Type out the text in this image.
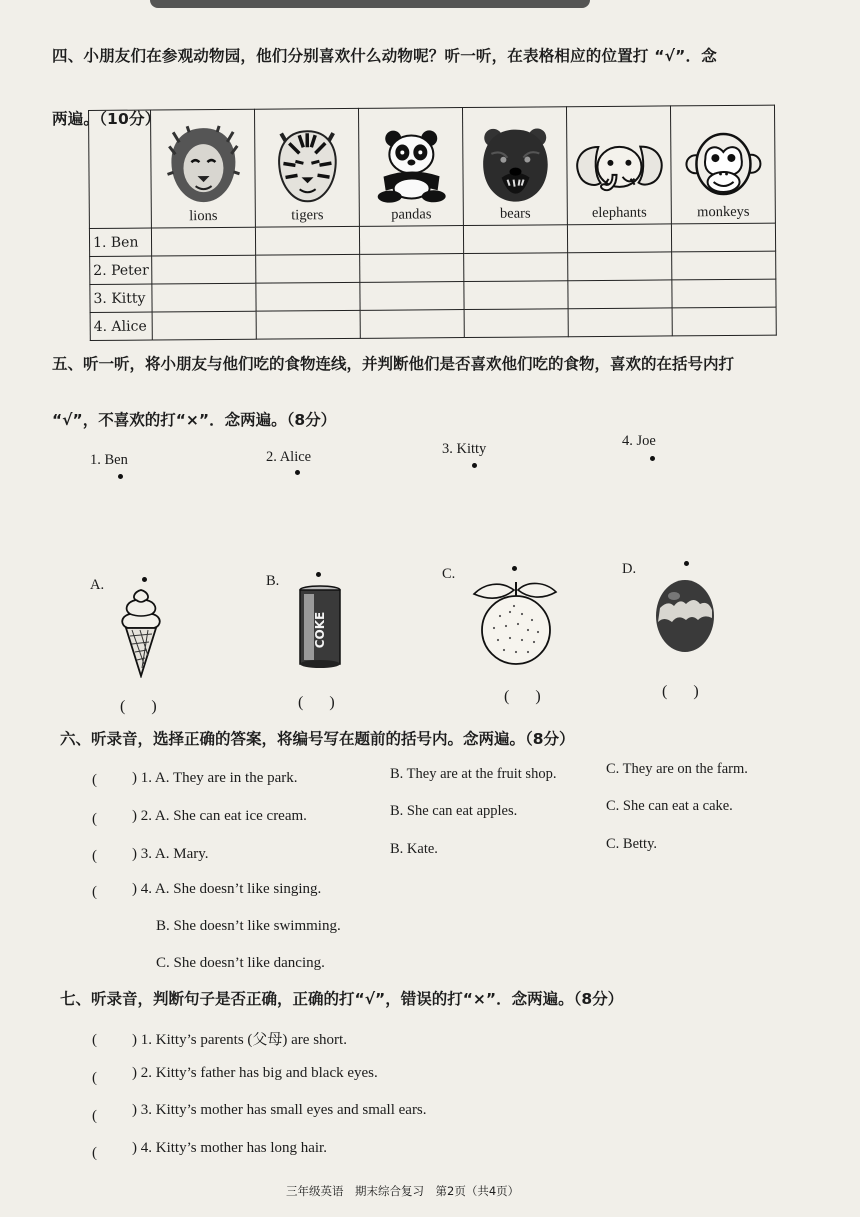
四、小朋友们在参观动物园，他们分别喜欢什么动物呢？听一听，在表格相应的位置打 “√”．念
两遍。（10分）

lions	tigers	pandas	bears	elephants	monkeys
1. Ben						
2. Peter						
3. Kitty						
4. Alice						
五、听一听，将小朋友与他们吃的食物连线，并判断他们是否喜欢他们吃的食物，喜欢的在括号内打
“√”，不喜欢的打“×”．念两遍。（8分）
1. Ben	2. Alice	3. Kitty	4. Joe
A.	B.
COKE
C.	D.
( )	( )	( )	( )
六、听录音，选择正确的答案，将编号写在题前的括号内。念两遍。（8分）
( ) 1. A. They are in the park.	B. They are at the fruit shop.	C. They are on the farm.
( ) 2. A. She can eat ice cream.	B. She can eat apples.	C. She can eat a cake.
( ) 3. A. Mary.	B. Kate.	C. Betty.
( ) 4. A. She doesn’t like singing.
B. She doesn’t like swimming.
C. She doesn’t like dancing.
七、听录音，判断句子是否正确，正确的打“√”，错误的打“×”．念两遍。（8分）
( ) 1. Kitty’s parents (父母) are short.
( ) 2. Kitty’s father has big and black eyes.
( ) 3. Kitty’s mother has small eyes and small ears.
( ) 4. Kitty’s mother has long hair.
三年级英语　期末综合复习　第2页（共4页）
